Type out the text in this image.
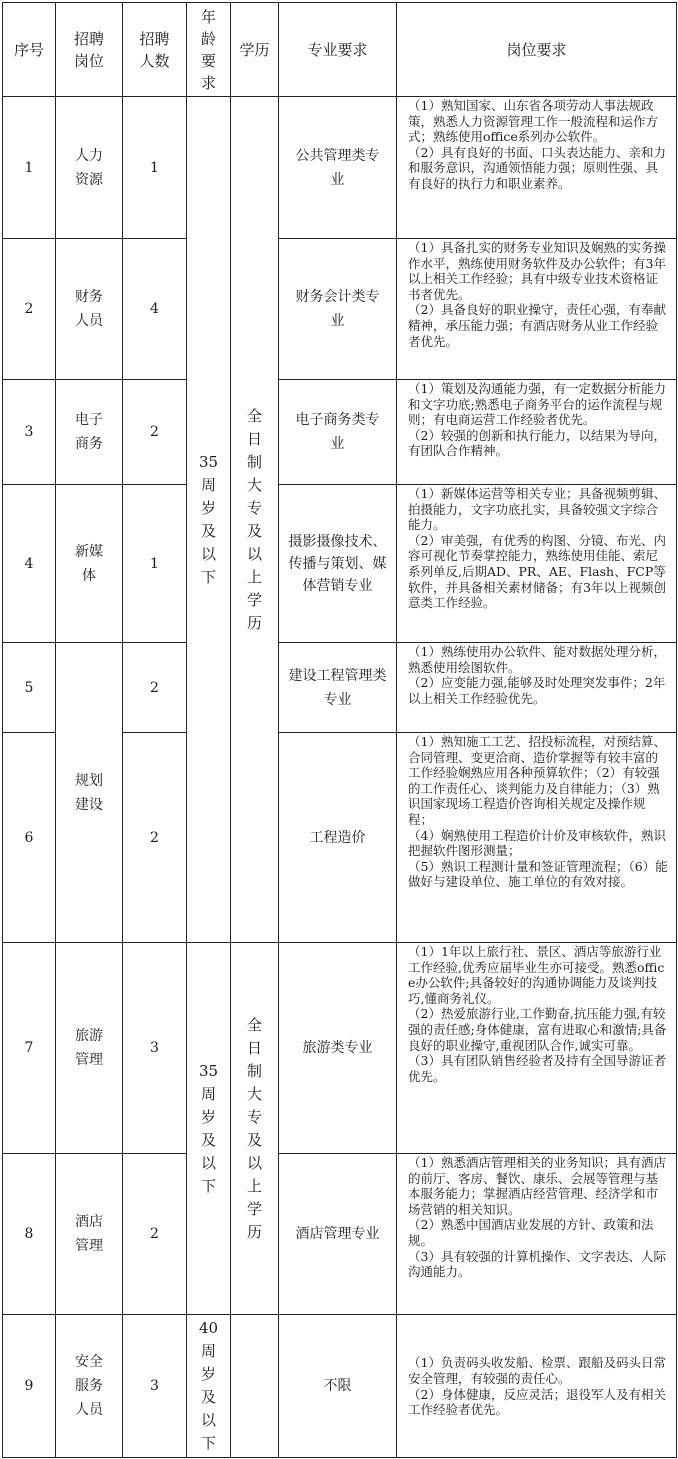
序号	招聘岗位	招聘人数	年龄要求	学历	专业要求	岗位要求
1	人力资源	1	35周岁及以下	全日制大专及以上学历	公共管理类专业	（1）熟知国家、山东省各项劳动人事法规政策，熟悉人力资源管理工作一般流程和运作方式；熟练使用office系列办公软件。
（2）具有良好的书面、口头表达能力、亲和力和服务意识，沟通领悟能力强；原则性强、具有良好的执行力和职业素养。

2	财务人员	4			财务会计类专业	（1）具备扎实的财务专业知识及娴熟的实务操作水平，熟练使用财务软件及办公软件；有3年以上相关工作经验；具有中级专业技术资格证书者优先。
（2）具备良好的职业操守，责任心强，有奉献精神，承压能力强；有酒店财务从业工作经验者优先。

3	电子商务	2			电子商务类专业	（1）策划及沟通能力强，有一定数据分析能力和文字功底;熟悉电子商务平台的运作流程与规则；有电商运营工作经验者优先。
（2）较强的创新和执行能力，以结果为导向，有团队合作精神。

4	新媒体	1			摄影摄像技术、传播与策划、媒体营销专业	（1）新媒体运营等相关专业；具备视频剪辑、拍摄能力，文字功底扎实，具备较强文字综合能力。
（2）审美强，有优秀的构图、分镜、布光、内容可视化节奏掌控能力，熟练使用佳能、索尼系列单反,后期AD、PR、AE、Flash、FCP等软件，并具备相关素材储备；有3年以上视频创意类工作经验。

5	规划建设	2			建设工程管理类专业	（1）熟练使用办公软件、能对数据处理分析，熟悉使用绘图软件。
（2）应变能力强,能够及时处理突发事件；2年以上相关工作经验优先。

6		2			工程造价	（1）熟知施工工艺、招投标流程，对预结算、合同管理、变更洽商、造价掌握等有较丰富的工作经验娴熟应用各种预算软件；（2）有较强的工作责任心、谈判能力及自律能力；（3）熟识国家现场工程造价咨询相关规定及操作规程；
（4）娴熟使用工程造价计价及审核软件，熟识把握软件图形测量；
（5）熟识工程测计量和签证管理流程；（6）能做好与建设单位、施工单位的有效对接。

7	旅游管理	3	35周岁及以下	全日制大专及以上学历	旅游类专业	（1）1年以上旅行社、景区、酒店等旅游行业工作经验,优秀应届毕业生亦可接受。熟悉office办公软件;具备较好的沟通协调能力及谈判技巧,懂商务礼仪。
（2）热爱旅游行业,工作勤奋,抗压能力强,有较强的责任感;身体健康，富有进取心和激情;具备良好的职业操守,重视团队合作,诚实可靠。
（3）具有团队销售经验者及持有全国导游证者优先。

8	酒店管理	2			酒店管理专业	（1）熟悉酒店管理相关的业务知识；具有酒店的前厅、客房、餐饮、康乐、会展等管理与基本服务能力；掌握酒店经营管理、经济学和市场营销的相关知识。
（2）熟悉中国酒店业发展的方针、政策和法规。
（3）具有较强的计算机操作、文字表达、人际沟通能力。

9	安全服务人员	3	40周岁及以下		不限	（1）负责码头收发船、检票、跟船及码头日常安全管理，有较强的责任心。
（2）身体健康，反应灵活；退役军人及有相关工作经验者优先。
